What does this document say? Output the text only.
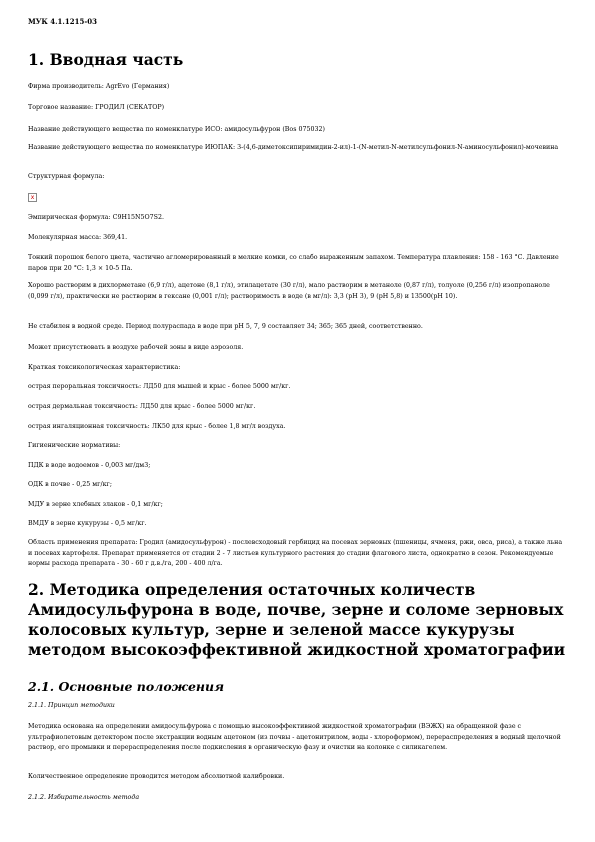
МУК 4.1.1215-03
1. Вводная часть

Фирма производитель: AgrEvo (Германия)

Торговое название: ГРОДИЛ (СЕКАТОР)

Название действующего вещества по номенклатуре ИСО: амидосульфурон (Bos 075032)

Название действующего вещества по номенклатуре ИЮПАК: 3-(4,6-диметоксипиримидин-2-ил)-1-(N-метил-N-метилсульфонил-N-аминосульфонил)-мочевина

Структурная формула:

x

Эмпирическая формула: C9H15N5O7S2.

Молекулярная масса: 369,41.

Тонкий порошок белого цвета, частично агломерированный в мелкие комки, со слабо выраженным запахом. Температура плавления: 158 - 163 °С. Давление паров при 20 °С: 1,3 × 10-5 Па.

Хорошо растворим в дихлорметане (6,9 г/л), ацетоне (8,1 г/л), этилацетате (30 г/л), мало растворим в метаноле (0,87 г/л), толуоле (0,256 г/л) изопропаноле (0,099 г/л), практически не растворим в гексане (0,001 г/л); растворимость в воде (в мг/л): 3,3 (рН 3), 9 (рН 5,8) и 13500(рН 10).

Не стабилен в водной среде. Период полураспада в воде при рН 5, 7, 9 составляет 34; 365; 365 дней, соответственно.

Может присутствовать в воздухе рабочей зоны в виде аэрозоля.

Краткая токсикологическая характеристика:

острая пероральная токсичность: ЛД50 для мышей и крыс - более 5000 мг/кг.

острая дермальная токсичность: ЛД50 для крыс - более 5000 мг/кг.

острая ингаляционная токсичность: ЛК50 для крыс - более 1,8 мг/л воздуха.

Гигиенические нормативы:

ПДК в воде водоемов - 0,003 мг/дм3;

ОДК в почве - 0,25 мг/кг;

МДУ в зерне хлебных злаков - 0,1 мг/кг;

ВМДУ в зерне кукурузы - 0,5 мг/кг.

Область применения препарата: Гродил (амидосульфурон) - послевсходовый гербицид на посевах зерновых (пшеницы, ячменя, ржи, овса, риса), а также льна и посевах картофеля. Препарат применяется от стадии 2 - 7 листьев культурного растения до стадии флагового листа, однократно в сезон. Рекомендуемые нормы расхода препарата - 30 - 60 г д.в./га, 200 - 400 л/га.

2. Методика определения остаточных количеств Амидосульфурона в воде, почве, зерне и соломе зерновых колосовых культур, зерне и зеленой массе кукурузы методом высокоэффективной жидкостной хроматографии
2.1. Основные положения

2.1.1. Принцип методики

Методика основана на определении амидосульфурона с помощью высокоэффективной жидкостной хроматографии (ВЭЖХ) на обращенной фазе с ультрафиолетовым детектором после экстракции водным ацетоном (из почвы - ацетонитрилом, воды - хлороформом), перераспределения в водный щелочной раствор, его промывки и перераспределения после подкисления в органическую фазу и очистки на колонке с силикагелем.

Количественное определение проводится методом абсолютной калибровки.

2.1.2. Избирательность метода
